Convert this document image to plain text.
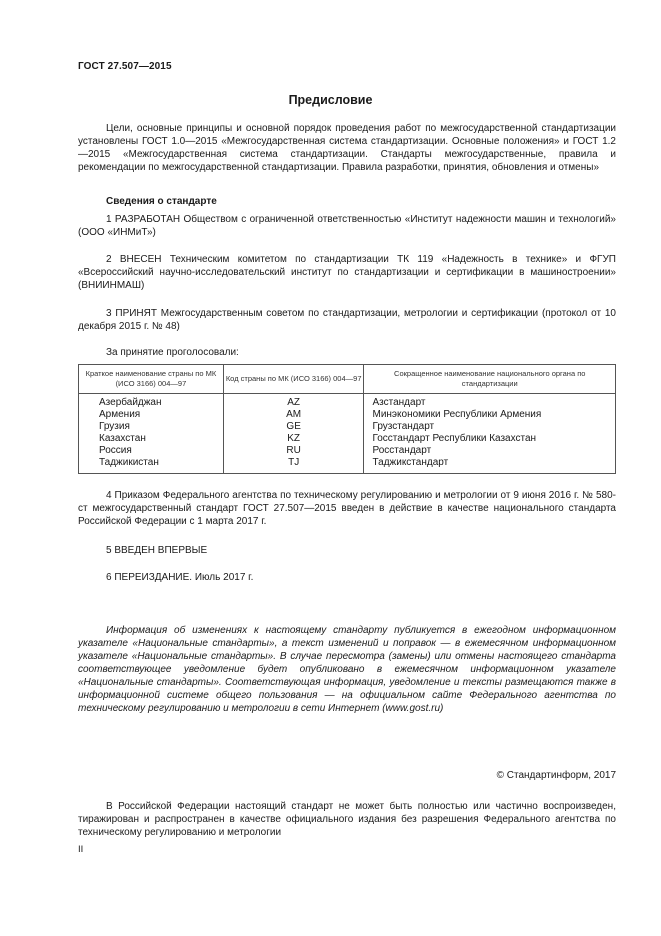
ГОСТ 27.507—2015
Предисловие

Цели, основные принципы и основной порядок проведения работ по межгосударственной стандартизации установлены ГОСТ 1.0—2015 «Межгосударственная система стандартизации. Основные положения» и ГОСТ 1.2—2015 «Межгосударственная система стандартизации. Стандарты межгосударственные, правила и рекомендации по межгосударственной стандартизации. Правила разработки, принятия, обновления и отмены»

Сведения о стандарте

1 РАЗРАБОТАН Обществом с ограниченной ответственностью «Институт надежности машин и технологий» (ООО «ИНМиТ»)

2 ВНЕСЕН Техническим комитетом по стандартизации ТК 119 «Надежность в технике» и ФГУП «Всероссийский научно-исследовательский институт по стандартизации и сертификации в машиностроении» (ВНИИНМАШ)

3 ПРИНЯТ Межгосударственным советом по стандартизации, метрологии и сертификации (протокол от 10 декабря 2015 г. № 48)

За принятие проголосовали:
Краткое наименование страны по МК (ИСО 3166) 004—97	Код страны по МК (ИСО 3166) 004—97	Сокращенное наименование национального органа по стандартизации
Азербайджан	AZ	Азстандарт
Армения	AM	Минэкономики Республики Армения
Грузия	GE	Грузстандарт
Казахстан	KZ	Госстандарт Республики Казахстан
Россия	RU	Росстандарт
Таджикистан	TJ	Таджикстандарт

4 Приказом Федерального агентства по техническому регулированию и метрологии от 9 июня 2016 г. № 580-ст межгосударственный стандарт ГОСТ 27.507—2015 введен в действие в качестве национального стандарта Российской Федерации с 1 марта 2017 г.

5 ВВЕДЕН ВПЕРВЫЕ
6 ПЕРЕИЗДАНИЕ. Июль 2017 г.

Информация об изменениях к настоящему стандарту публикуется в ежегодном информационном указателе «Национальные стандарты», а текст изменений и поправок — в ежемесячном информационном указателе «Национальные стандарты». В случае пересмотра (замены) или отмены настоящего стандарта соответствующее уведомление будет опубликовано в ежемесячном информационном указателе «Национальные стандарты». Соответствующая информация, уведомление и тексты размещаются также в информационной системе общего пользования — на официальном сайте Федерального агентства по техническому регулированию и метрологии в сети Интернет (www.gost.ru)

© Стандартинформ, 2017

В Российской Федерации настоящий стандарт не может быть полностью или частично воспроизведен, тиражирован и распространен в качестве официального издания без разрешения Федерального агентства по техническому регулированию и метрологии

II
